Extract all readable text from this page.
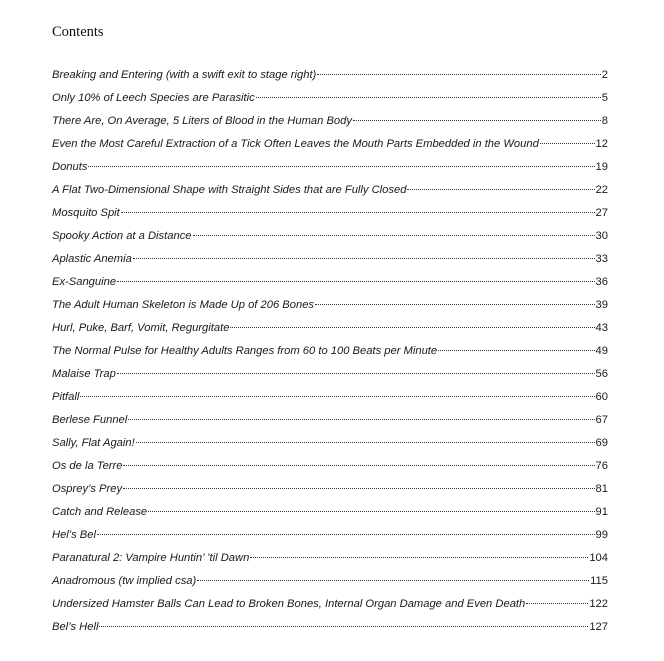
Contents
Breaking and Entering (with a swift exit to stage right)	2
Only 10% of Leech Species are Parasitic	5
There Are, On Average, 5 Liters of Blood in the Human Body	8
Even the Most Careful Extraction of a Tick Often Leaves the Mouth Parts Embedded in the Wound	12
Donuts	19
A Flat Two-Dimensional Shape with Straight Sides that are Fully Closed	22
Mosquito Spit	27
Spooky Action at a Distance	30
Aplastic Anemia	33
Ex-Sanguine	36
The Adult Human Skeleton is Made Up of 206 Bones	39
Hurl, Puke, Barf, Vomit, Regurgitate	43
The Normal Pulse for Healthy Adults Ranges from 60 to 100 Beats per Minute	49
Malaise Trap	56
Pitfall	60
Berlese Funnel	67
Sally, Flat Again!	69
Os de la Terre	76
Osprey’s Prey	81
Catch and Release	91
Hel’s Bel	99
Paranatural 2: Vampire Huntin’ ’til Dawn	104
Anadromous (tw implied csa)	115
Undersized Hamster Balls Can Lead to Broken Bones, Internal Organ Damage and Even Death	122
Bel’s Hell	127
